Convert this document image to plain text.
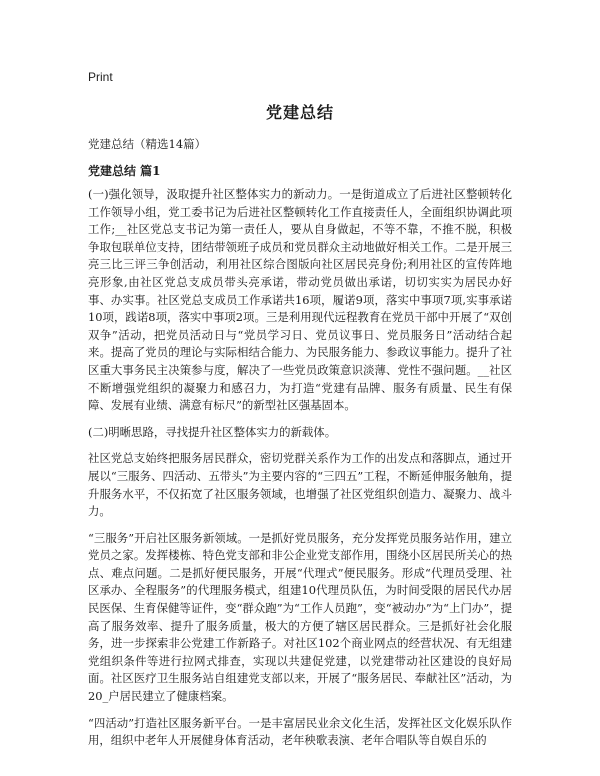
Print
党建总结

党建总结（精选14篇）

党建总结 篇1

(一)强化领导，汲取提升社区整体实力的新动力。一是街道成立了后进社区整顿转化工作领导小组，党工委书记为后进社区整顿转化工作直接责任人，全面组织协调此项工作;__社区党总支书记为第一责任人，要从自身做起，不等不靠，不推不脱，积极争取包联单位支持，团结带领班子成员和党员群众主动地做好相关工作。二是开展三亮三比三评三争创活动，利用社区综合图版向社区居民亮身份;利用社区的宣传阵地亮形象,由社区党总支成员带头亮承诺，带动党员做出承诺，切切实实为居民办好事、办实事。社区党总支成员工作承诺共16项，履诺9项，落实中事项7项,实事承诺10项，践诺8项，落实中事项2项。三是利用现代远程教育在党员干部中开展了“双创双争”活动，把党员活动日与“党员学习日、党员议事日、党员服务日”活动结合起来。提高了党员的理论与实际相结合能力、为民服务能力、参政议事能力。提升了社区重大事务民主决策参与度，解决了一些党员政策意识淡薄、党性不强问题。__社区不断增强党组织的凝聚力和感召力，为打造“党建有品牌、服务有质量、民生有保障、发展有业绩、满意有标尺”的新型社区强基固本。

(二)明晰思路，寻找提升社区整体实力的新载体。

社区党总支始终把服务居民群众，密切党群关系作为工作的出发点和落脚点，通过开展以“三服务、四活动、五带头”为主要内容的“三四五”工程，不断延伸服务触角，提升服务水平，不仅拓宽了社区服务领域，也增强了社区党组织创造力、凝聚力、战斗力。

“三服务”开启社区服务新领域。一是抓好党员服务，充分发挥党员服务站作用，建立党员之家。发挥楼栋、特色党支部和非公企业党支部作用，围绕小区居民所关心的热点、难点问题。二是抓好便民服务，开展“代理式”便民服务。形成“代理员受理、社区承办、全程服务”的代理服务模式，组建10代理员队伍，为时间受限的居民代办居民医保、生育保健等证件，变“群众跑”为“工作人员跑”，变“被动办”为“上门办”，提高了服务效率、提升了服务质量，极大的方便了辖区居民群众。三是抓好社会化服务，进一步探索非公党建工作新路子。对社区102个商业网点的经营状况、有无组建党组织条件等进行拉网式排查，实现以共建促党建，以党建带动社区建设的良好局面。社区医疗卫生服务站自组建党支部以来，开展了“服务居民、奉献社区”活动，为20_户居民建立了健康档案。

“四活动”打造社区服务新平台。一是丰富居民业余文化生活，发挥社区文化娱乐队作用，组织中老年人开展健身体育活动，老年秧歌表演、老年合唱队等自娱自乐的
